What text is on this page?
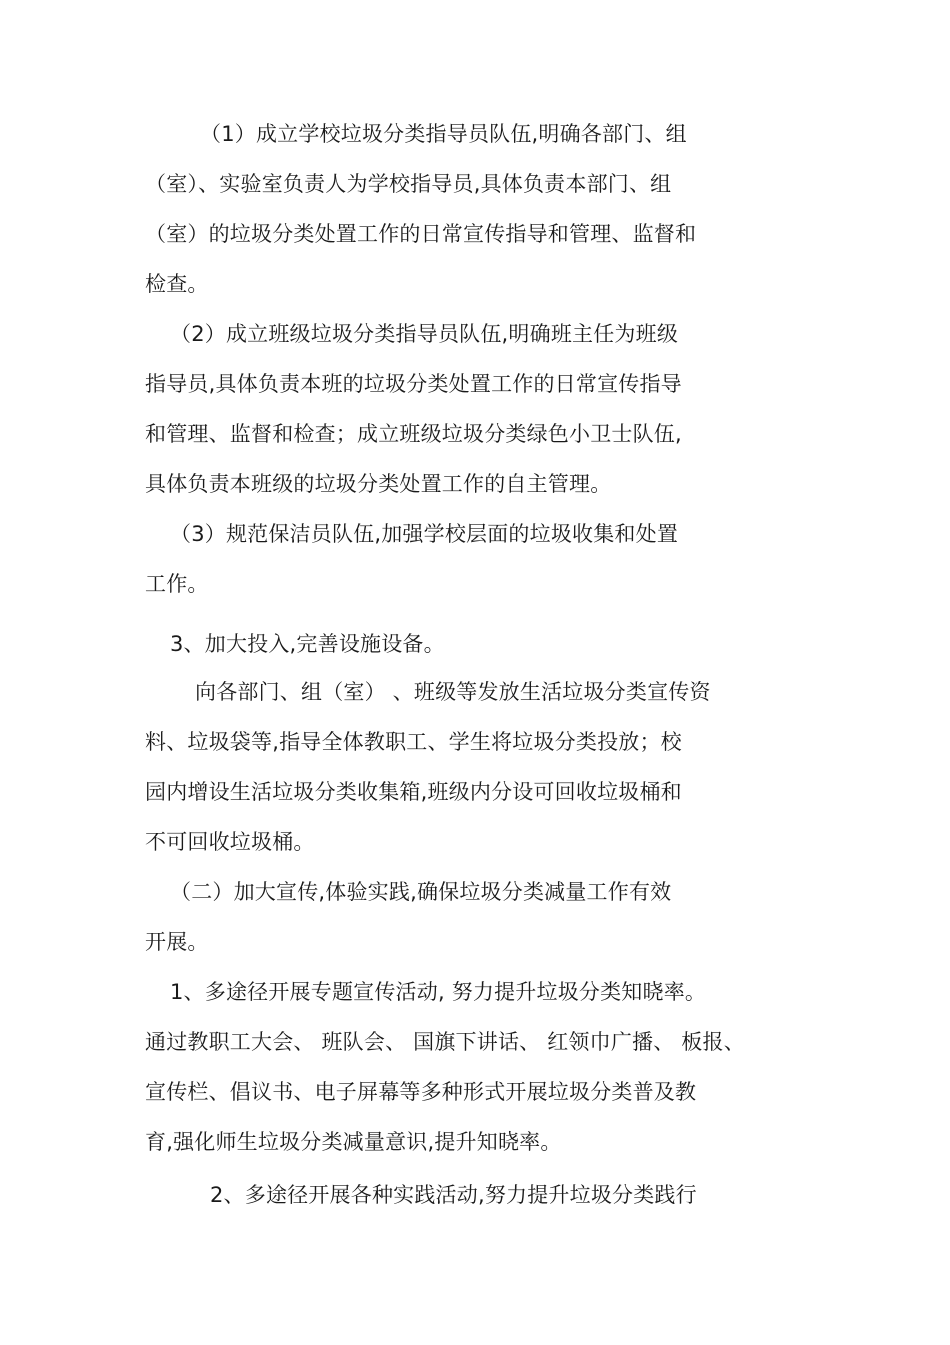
（1）成立学校垃圾分类指导员队伍,明确各部门、组
（室）、实验室负责人为学校指导员,具体负责本部门、组
（室）的垃圾分类处置工作的日常宣传指导和管理、监督和
检查。
（2）成立班级垃圾分类指导员队伍,明确班主任为班级
指导员,具体负责本班的垃圾分类处置工作的日常宣传指导
和管理、监督和检查；成立班级垃圾分类绿色小卫士队伍,
具体负责本班级的垃圾分类处置工作的自主管理。
（3）规范保洁员队伍,加强学校层面的垃圾收集和处置
工作。
3、加大投入,完善设施设备。
向各部门、组（室） 、班级等发放生活垃圾分类宣传资
料、垃圾袋等,指导全体教职工、学生将垃圾分类投放；校
园内增设生活垃圾分类收集箱,班级内分设可回收垃圾桶和
不可回收垃圾桶。
（二）加大宣传,体验实践,确保垃圾分类减量工作有效
开展。
1、多途径开展专题宣传活动, 努力提升垃圾分类知晓率。
通过教职工大会、 班队会、 国旗下讲话、 红领巾广播、 板报、
宣传栏、倡议书、电子屏幕等多种形式开展垃圾分类普及教
育,强化师生垃圾分类减量意识,提升知晓率。
2、多途径开展各种实践活动,努力提升垃圾分类践行
